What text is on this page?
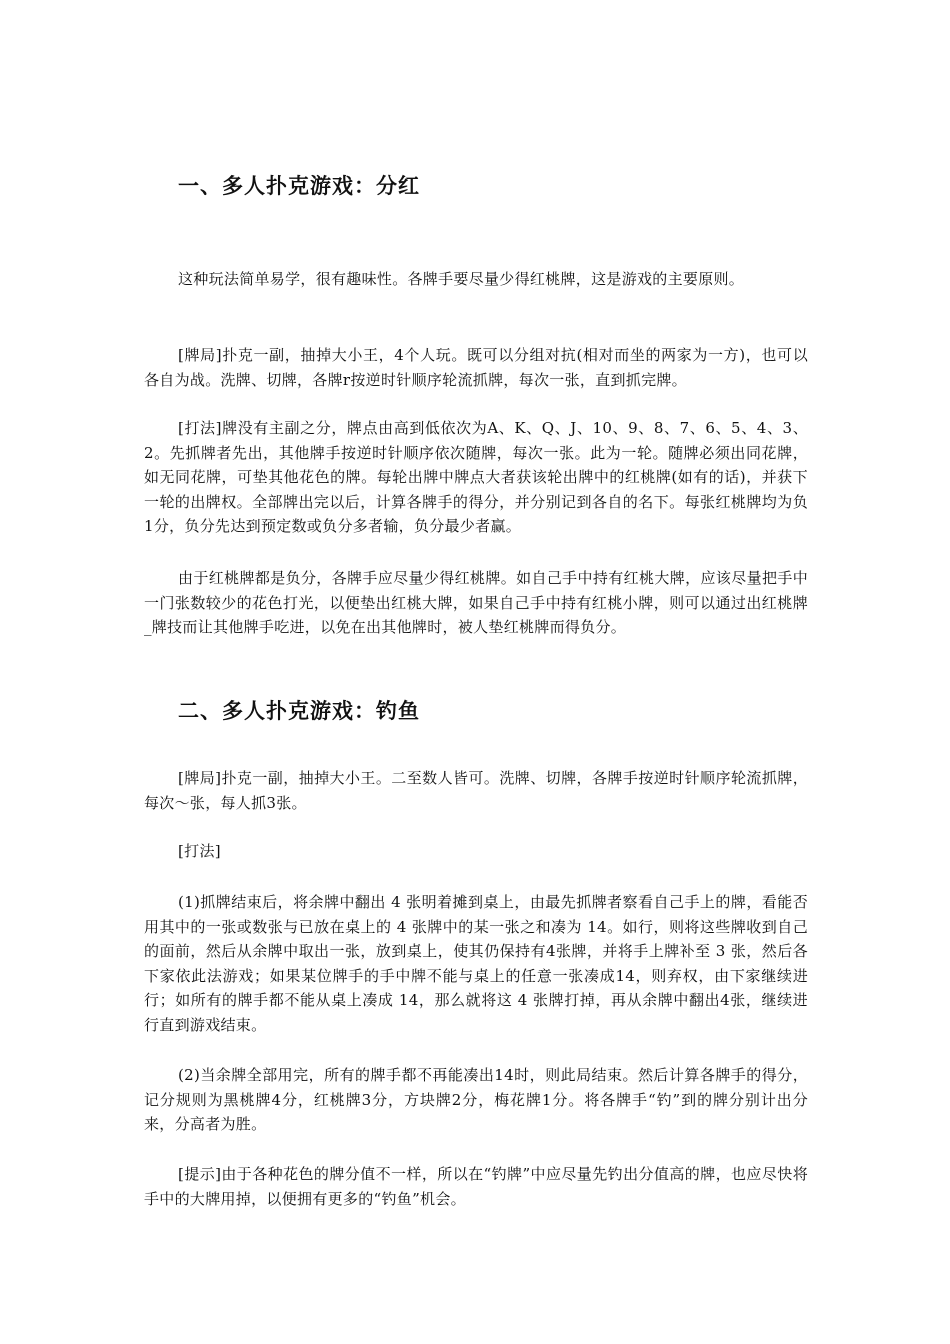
一、多人扑克游戏：分红

这种玩法简单易学，很有趣味性。各牌手要尽量少得红桃牌，这是游戏的主要原则。

[牌局]扑克一副，抽掉大小王，4个人玩。既可以分组对抗(相对而坐的两家为一方)，也可以各自为战。洗牌、切牌，各牌r按逆时针顺序轮流抓牌，每次一张，直到抓完牌。

[打法]牌没有主副之分，牌点由高到低依次为A、K、Q、J、10、9、8、7、6、5、4、3、2。先抓牌者先出，其他牌手按逆时针顺序依次随牌，每次一张。此为一轮。随牌必须出同花牌，如无同花牌，可垫其他花色的牌。每轮出牌中牌点大者获该轮出牌中的红桃牌(如有的话)，并获下一轮的出牌权。全部牌出完以后，计算各牌手的得分，并分别记到各自的名下。每张红桃牌均为负1分，负分先达到预定数或负分多者输，负分最少者赢。

由于红桃牌都是负分，各牌手应尽量少得红桃牌。如自己手中持有红桃大牌，应该尽量把手中一门张数较少的花色打光，以便垫出红桃大牌，如果自己手中持有红桃小牌，则可以通过出红桃牌_牌技而让其他牌手吃进，以免在出其他牌时，被人垫红桃牌而得负分。

二、多人扑克游戏：钓鱼

[牌局]扑克一副，抽掉大小王。二至数人皆可。洗牌、切牌，各牌手按逆时针顺序轮流抓牌，每次～张，每人抓3张。

[打法]

(1)抓牌结束后，将余牌中翻出 4 张明着摊到桌上，由最先抓牌者察看自己手上的牌，看能否用其中的一张或数张与已放在桌上的 4 张牌中的某一张之和凑为 14。如行，则将这些牌收到自己的面前，然后从余牌中取出一张，放到桌上，使其仍保持有4张牌，并将手上牌补至 3 张，然后各下家依此法游戏；如果某位牌手的手中牌不能与桌上的任意一张凑成14，则弃权，由下家继续进行；如所有的牌手都不能从桌上凑成 14，那么就将这 4 张牌打掉，再从余牌中翻出4张，继续进行直到游戏结束。

(2)当余牌全部用完，所有的牌手都不再能凑出14时，则此局结束。然后计算各牌手的得分，记分规则为黑桃牌4分，红桃牌3分，方块牌2分，梅花牌1分。将各牌手“钓”到的牌分别计出分来，分高者为胜。

[提示]由于各种花色的牌分值不一样，所以在“钓牌”中应尽量先钓出分值高的牌，也应尽快将手中的大牌用掉，以便拥有更多的“钓鱼”机会。
